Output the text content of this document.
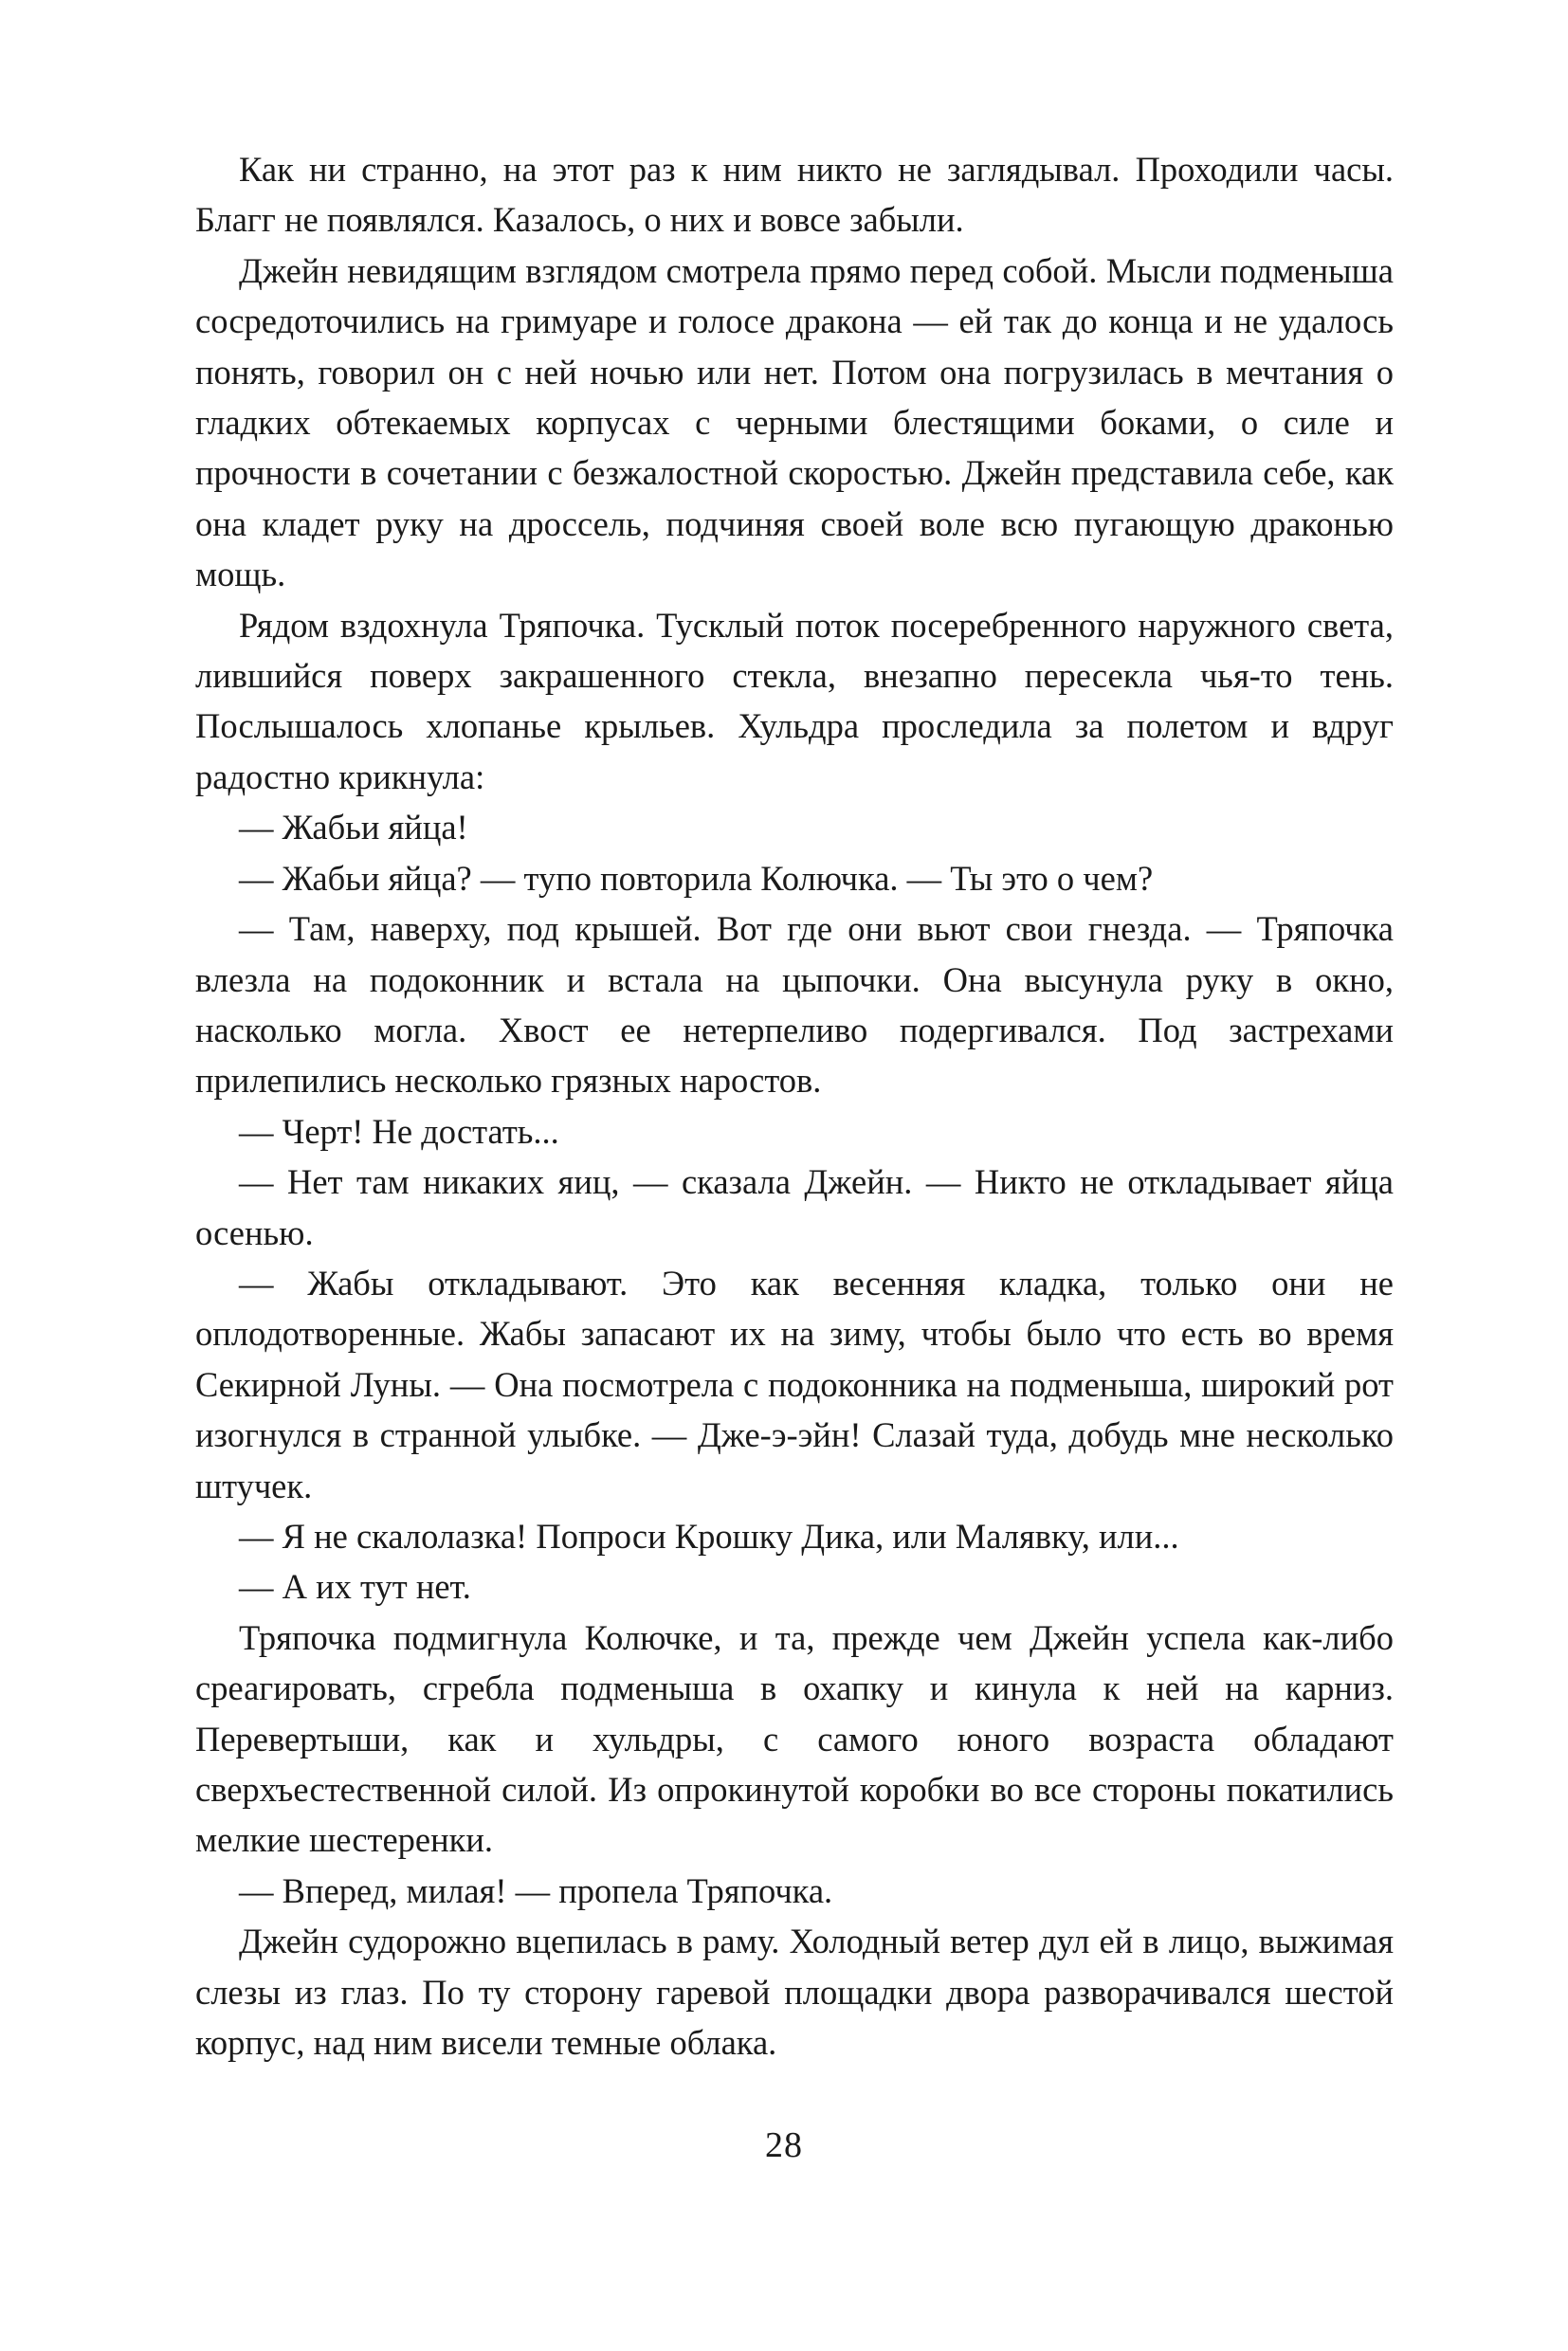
Как ни странно, на этот раз к ним никто не заглядывал. Проходили часы. Благг не появлялся. Казалось, о них и вовсе забыли.

Джейн невидящим взглядом смотрела прямо перед собой. Мысли подменыша сосредоточились на гримуаре и голосе дракона — ей так до конца и не удалось понять, говорил он с ней ночью или нет. Потом она погрузилась в мечтания о гладких обтекаемых корпусах с черными блестящими боками, о силе и прочности в сочетании с безжалостной скоростью. Джейн представила себе, как она кладет руку на дроссель, подчиняя своей воле всю пугающую драконью мощь.

Рядом вздохнула Тряпочка. Тусклый поток посеребренного наружного света, лившийся поверх закрашенного стекла, внезапно пересекла чья-то тень. Послышалось хлопанье крыльев. Хульдра проследила за полетом и вдруг радостно крикнула:

— Жабьи яйца!

— Жабьи яйца? — тупо повторила Колючка. — Ты это о чем?

— Там, наверху, под крышей. Вот где они вьют свои гнезда. — Тряпочка влезла на подоконник и встала на цыпочки. Она высунула руку в окно, насколько могла. Хвост ее нетерпеливо подергивался. Под застрехами прилепились несколько грязных наростов.

— Черт! Не достать...

— Нет там никаких яиц, — сказала Джейн. — Никто не откладывает яйца осенью.

— Жабы откладывают. Это как весенняя кладка, только они не оплодотворенные. Жабы запасают их на зиму, чтобы было что есть во время Секирной Луны. — Она посмотрела с подоконника на подменыша, широкий рот изогнулся в странной улыбке. — Дже-э-эйн! Слазай туда, добудь мне несколько штучек.

— Я не скалолазка! Попроси Крошку Дика, или Малявку, или...

— А их тут нет.

Тряпочка подмигнула Колючке, и та, прежде чем Джейн успела как-либо среагировать, сгребла подменыша в охапку и кинула к ней на карниз. Перевертыши, как и хульдры, с самого юного возраста обладают сверхъестественной силой. Из опрокинутой коробки во все стороны покатились мелкие шестеренки.

— Вперед, милая! — пропела Тряпочка.

Джейн судорожно вцепилась в раму. Холодный ветер дул ей в лицо, выжимая слезы из глаз. По ту сторону гаревой площадки двора разворачивался шестой корпус, над ним висели темные облака.

28
